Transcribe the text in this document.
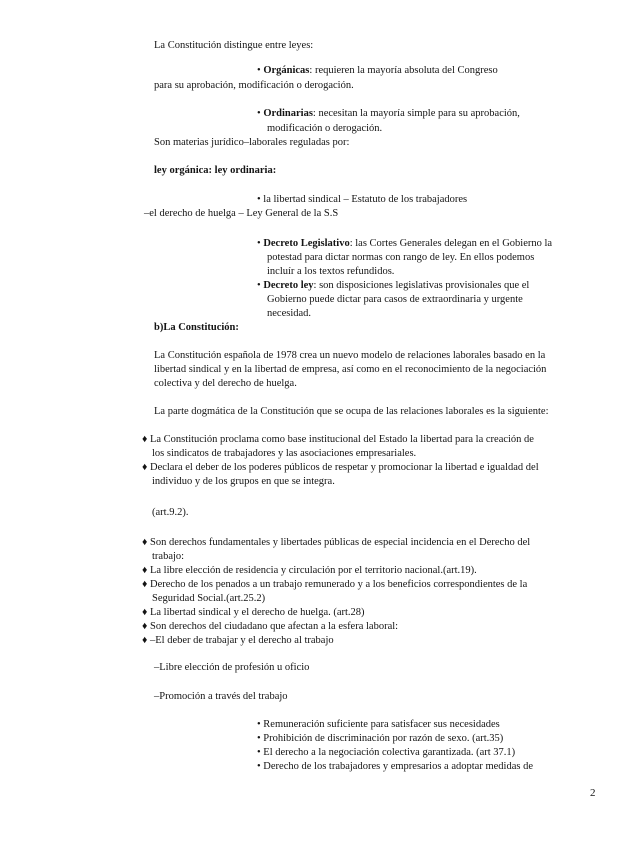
La Constitución distingue entre leyes:
• Orgánicas: requieren la mayoría absoluta del Congreso
para su aprobación, modificación o derogación.
• Ordinarias: necesitan la mayoría simple para su aprobación,
modificación o derogación.
Son materias jurídico–laborales reguladas por:
ley orgánica: ley ordinaria:
• la libertad sindical – Estatuto de los trabajadores
–el derecho de huelga – Ley General de la S.S
• Decreto Legislativo: las Cortes Generales delegan en el Gobierno la
potestad para dictar normas con rango de ley. En ellos podemos
incluír a los textos refundidos.
• Decreto ley: son disposiciones legislativas provisionales que el
Gobierno puede dictar para casos de extraordinaria y urgente
necesidad.
b)La Constitución:
La Constitución española de 1978 crea un nuevo modelo de relaciones laborales basado en la
libertad sindical y en la libertad de empresa, así como en el reconocimiento de la negociación
colectiva y del derecho de huelga.
La parte dogmática de la Constitución que se ocupa de las relaciones laborales es la siguiente:
♦ La Constitución proclama como base institucional del Estado la libertad para la creación de
los sindicatos de trabajadores y las asociaciones empresariales.
♦ Declara el deber de los poderes públicos de respetar y promocionar la libertad e igualdad del
individuo y de los grupos en que se integra.
(art.9.2).
♦ Son derechos fundamentales y libertades públicas de especial incidencia en el Derecho del
trabajo:
♦ La libre elección de residencia y circulación por el territorio nacional.(art.19).
♦ Derecho de los penados a un trabajo remunerado y a los beneficios correspondientes de la
Seguridad Social.(art.25.2)
♦ La libertad sindical y el derecho de huelga. (art.28)
♦ Son derechos del ciudadano que afectan a la esfera laboral:
♦ –El deber de trabajar y el derecho al trabajo
–Libre elección de profesión u oficio
–Promoción a través del trabajo
• Remuneración suficiente para satisfacer sus necesidades
• Prohibición de discriminación por razón de sexo. (art.35)
• El derecho a la negociación colectiva garantizada. (art 37.1)
• Derecho de los trabajadores y empresarios a adoptar medidas de
2
